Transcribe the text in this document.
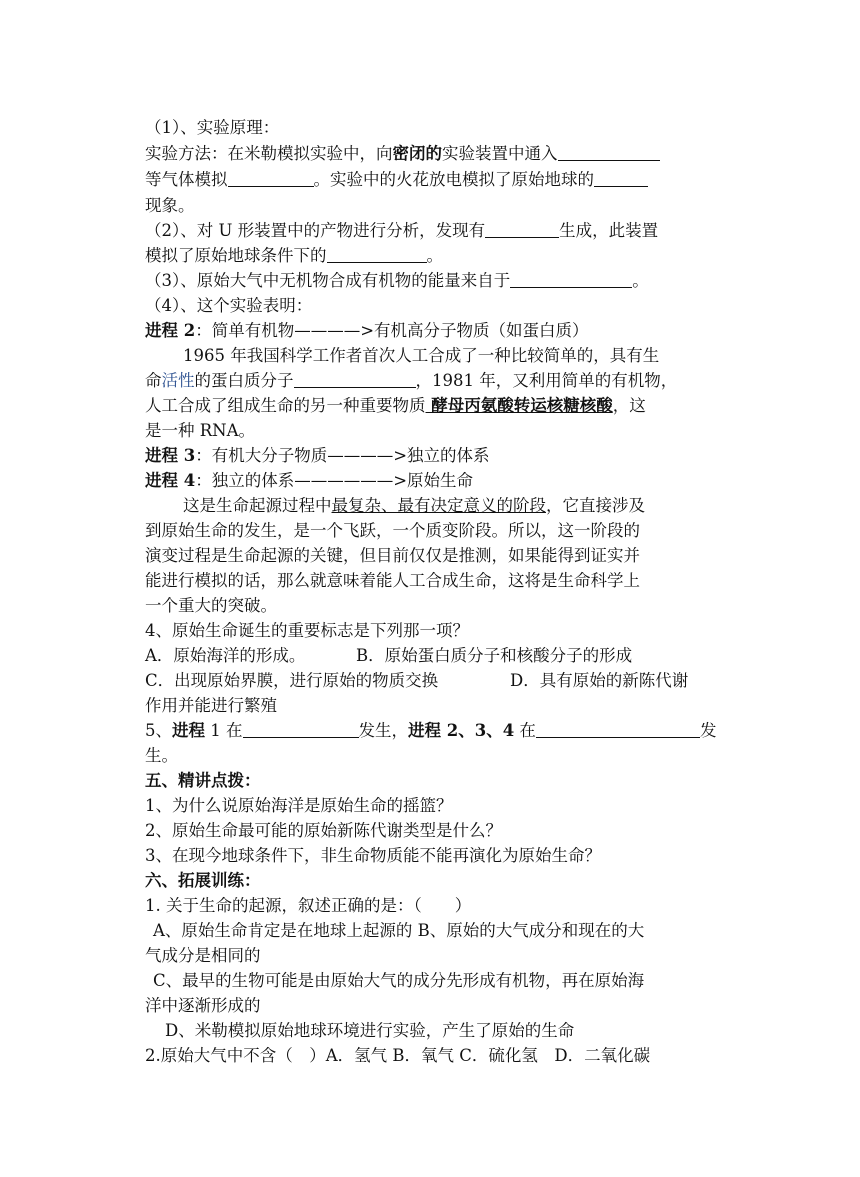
（1）、实验原理：
实验方法：在米勒模拟实验中，向密闭的实验装置中通入
等气体模拟	。实验中的火花放电模拟了原始地球的
现象。
（2）、对 U 形装置中的产物进行分析，发现有	生成，此装置
模拟了原始地球条件下的	。
（3）、原始大气中无机物合成有机物的能量来自于	。
（4）、这个实验表明：
进程 2：简单有机物————>有机高分子物质（如蛋白质）
1965 年我国科学工作者首次人工合成了一种比较简单的，具有生
命活性的蛋白质分子	，1981 年，又利用简单的有机物，
人工合成了组成生命的另一种重要物质 酵母丙氨酸转运核糖核酸，这
是一种 RNA。
进程 3：有机大分子物质————>独立的体系
进程 4：独立的体系——————>原始生命
这是生命起源过程中最复杂、最有决定意义的阶段，它直接涉及
到原始生命的发生，是一个飞跃，一个质变阶段。所以，这一阶段的
演变过程是生命起源的关键，但目前仅仅是推测，如果能得到证实并
能进行模拟的话，那么就意味着能人工合成生命，这将是生命科学上
一个重大的突破。
4、原始生命诞生的重要标志是下列那一项？
A．原始海洋的形成。	B．原始蛋白质分子和核酸分子的形成
C．出现原始界膜，进行原始的物质交换	D．具有原始的新陈代谢
作用并能进行繁殖
5、进程 1 在	发生，进程 2、3、4 在	发
生。
五、精讲点拨：
1、为什么说原始海洋是原始生命的摇篮？
2、原始生命最可能的原始新陈代谢类型是什么？
3、在现今地球条件下，非生命物质能不能再演化为原始生命？
六、拓展训练：
1. 关于生命的起源，叙述正确的是：（　　）
A、原始生命肯定是在地球上起源的 B、原始的大气成分和现在的大
气成分是相同的
C、最早的生物可能是由原始大气的成分先形成有机物，再在原始海
洋中逐渐形成的
D、米勒模拟原始地球环境进行实验，产生了原始的生命
2.原始大气中不含（　）A．氢气 B．氧气 C．硫化氢　D．二氧化碳
